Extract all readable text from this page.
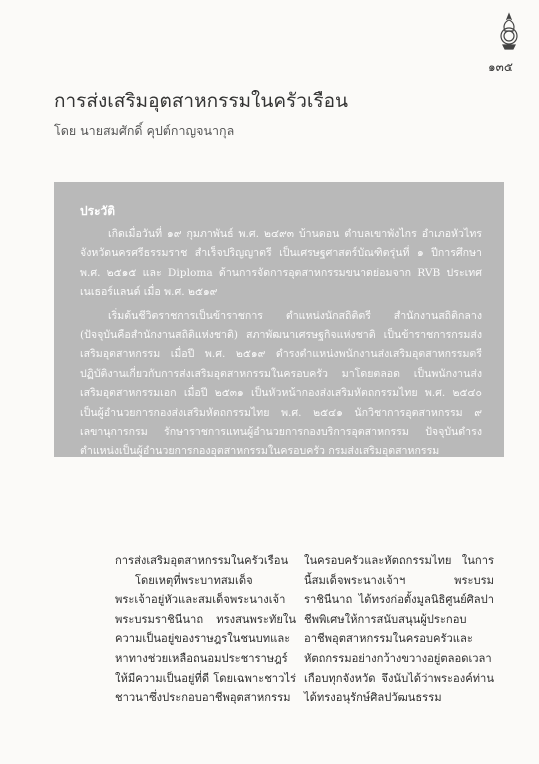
๑๓๕
การส่งเสริมอุตสาหกรรมในครัวเรือน
โดย นายสมศักดิ์ คุปต์กาญจนากุล
ประวัติ

เกิดเมื่อวันที่ ๑๙ กุมภาพันธ์ พ.ศ. ๒๔๙๓ บ้านดอน ตำบลเขาพังไกร อำเภอหัวไทร จังหวัดนครศรีธรรมราช สำเร็จปริญญาตรี เป็นเศรษฐศาสตร์บัณฑิตรุ่นที่ ๑ ปีการศึกษา พ.ศ. ๒๕๑๕ และ Diploma ด้านการจัดการอุตสาหกรรมขนาดย่อมจาก RVB ประเทศเนเธอร์แลนด์ เมื่อ พ.ศ. ๒๕๑๙

เริ่มต้นชีวิตราชการเป็นข้าราชการ ตำแหน่งนักสถิติตรี สำนักงานสถิติกลาง (ปัจจุบันคือสำนักงานสถิติแห่งชาติ) สภาพัฒนาเศรษฐกิจแห่งชาติ เป็นข้าราชการกรมส่งเสริมอุตสาหกรรม เมื่อปี พ.ศ. ๒๕๑๙ ดำรงตำแหน่งพนักงานส่งเสริมอุตสาหกรรมตรี ปฏิบัติงานเกี่ยวกับการส่งเสริมอุตสาหกรรมในครอบครัว มาโดยตลอด เป็นพนักงานส่งเสริมอุตสาหกรรมเอก เมื่อปี ๒๕๓๑ เป็นหัวหน้ากองส่งเสริมหัตถกรรมไทย พ.ศ. ๒๕๔๐ เป็นผู้อำนวยการกองส่งเสริมหัตถกรรมไทย พ.ศ. ๒๕๔๑ นักวิชาการอุตสาหกรรม ๙ เลขานุการกรม รักษาราชการแทนผู้อำนวยการกองบริการอุตสาหกรรม ปัจจุบันดำรงตำแหน่งเป็นผู้อำนวยการกองอุตสาหกรรมในครอบครัว กรมส่งเสริมอุตสาหกรรม

การส่งเสริมอุตสาหกรรมในครัวเรือน

โดยเหตุที่พระบาทสมเด็จพระเจ้าอยู่หัวและสมเด็จพระนางเจ้าพระบรมราชินีนาถ ทรงสนพระทัยในความเป็นอยู่ของราษฎรในชนบทและหาทางช่วยเหลือถนอมประชาราษฎร์ให้มีความเป็นอยู่ที่ดี โดยเฉพาะชาวไร่ชาวนาซึ่งประกอบอาชีพอุตสาหกรรม

ในครอบครัวและหัตถกรรมไทย ในการนี้สมเด็จพระนางเจ้าฯ พระบรมราชินีนาถ ได้ทรงก่อตั้งมูลนิธิศูนย์ศิลปาชีพพิเศษให้การสนับสนุนผู้ประกอบอาชีพอุตสาหกรรมในครอบครัวและหัตถกรรมอย่างกว้างขวางอยู่ตลอดเวลาเกือบทุกจังหวัด จึงนับได้ว่าพระองค์ท่านได้ทรงอนุรักษ์ศิลปวัฒนธรรม
